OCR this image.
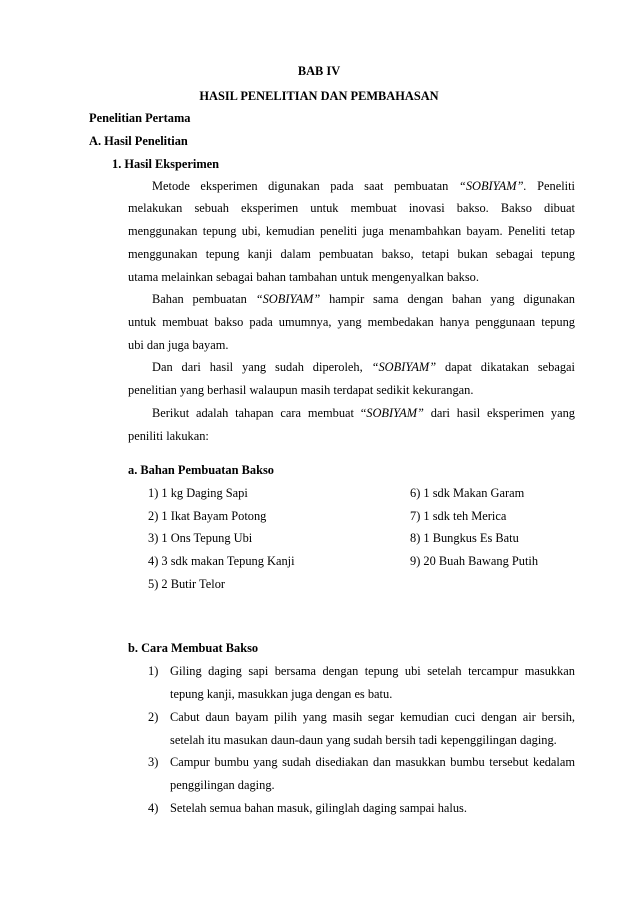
BAB IV
HASIL PENELITIAN DAN PEMBAHASAN
Penelitian Pertama
A. Hasil Penelitian
1. Hasil Eksperimen
Metode eksperimen digunakan pada saat pembuatan “SOBIYAM”. Peneliti
melakukan sebuah eksperimen untuk membuat inovasi bakso. Bakso dibuat
menggunakan tepung ubi, kemudian peneliti juga menambahkan bayam. Peneliti tetap
menggunakan tepung kanji dalam pembuatan bakso, tetapi bukan sebagai tepung
utama melainkan sebagai bahan tambahan untuk mengenyalkan bakso.
Bahan pembuatan “SOBIYAM” hampir sama dengan bahan yang digunakan
untuk membuat bakso pada umumnya, yang membedakan hanya penggunaan tepung
ubi dan juga bayam.
Dan dari hasil yang sudah diperoleh, “SOBIYAM” dapat dikatakan sebagai
penelitian yang berhasil walaupun masih terdapat sedikit kekurangan.
Berikut adalah tahapan cara membuat “SOBIYAM” dari hasil eksperimen yang
peniliti lakukan:
a. Bahan Pembuatan Bakso
1) 1 kg Daging Sapi
2) 1 Ikat Bayam Potong
3) 1 Ons Tepung Ubi
4) 3 sdk makan Tepung Kanji
5) 2 Butir Telor
6) 1 sdk Makan Garam
7) 1 sdk teh Merica
8) 1 Bungkus Es Batu
9) 20 Buah Bawang Putih
b. Cara Membuat Bakso
1) Giling daging sapi bersama dengan tepung ubi setelah tercampur masukkan
tepung kanji, masukkan juga dengan es batu.
2) Cabut daun bayam pilih yang masih segar kemudian cuci dengan air bersih,
setelah itu masukan daun-daun yang sudah bersih tadi kepenggilingan daging.
3) Campur bumbu yang sudah disediakan dan masukkan bumbu tersebut kedalam
penggilingan daging.
4) Setelah semua bahan masuk, gilinglah daging sampai halus.
